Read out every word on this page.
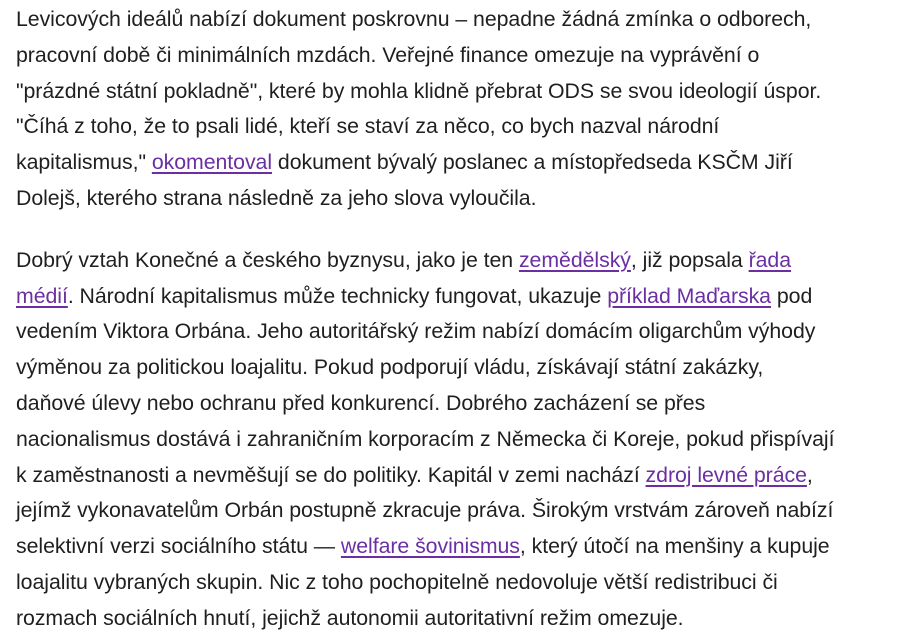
Levicových ideálů nabízí dokument poskrovnu – nepadne žádná zmínka o odborech,
pracovní době či minimálních mzdách. Veřejné finance omezuje na vyprávění o
"prázdné státní pokladně", které by mohla klidně přebrat ODS se svou ideologií úspor.
"Číhá z toho, že to psali lidé, kteří se staví za něco, co bych nazval národní
kapitalismus," okomentoval dokument bývalý poslanec a místopředseda KSČM Jiří
Dolejš, kterého strana následně za jeho slova vyloučila.

Dobrý vztah Konečné a českého byznysu, jako je ten zemědělský, již popsala řada
médií. Národní kapitalismus může technicky fungovat, ukazuje příklad Maďarska pod
vedením Viktora Orbána. Jeho autoritářský režim nabízí domácím oligarchům výhody
výměnou za politickou loajalitu. Pokud podporují vládu, získávají státní zakázky,
daňové úlevy nebo ochranu před konkurencí. Dobrého zacházení se přes
nacionalismus dostává i zahraničním korporacím z Německa či Koreje, pokud přispívají
k zaměstnanosti a nevměšují se do politiky. Kapitál v zemi nachází zdroj levné práce,
jejímž vykonavatelům Orbán postupně zkracuje práva. Širokým vrstvám zároveň nabízí
selektivní verzi sociálního státu — welfare šovinismus, který útočí na menšiny a kupuje
loajalitu vybraných skupin. Nic z toho pochopitelně nedovoluje větší redistribuci či
rozmach sociálních hnutí, jejichž autonomii autoritativní režim omezuje.
